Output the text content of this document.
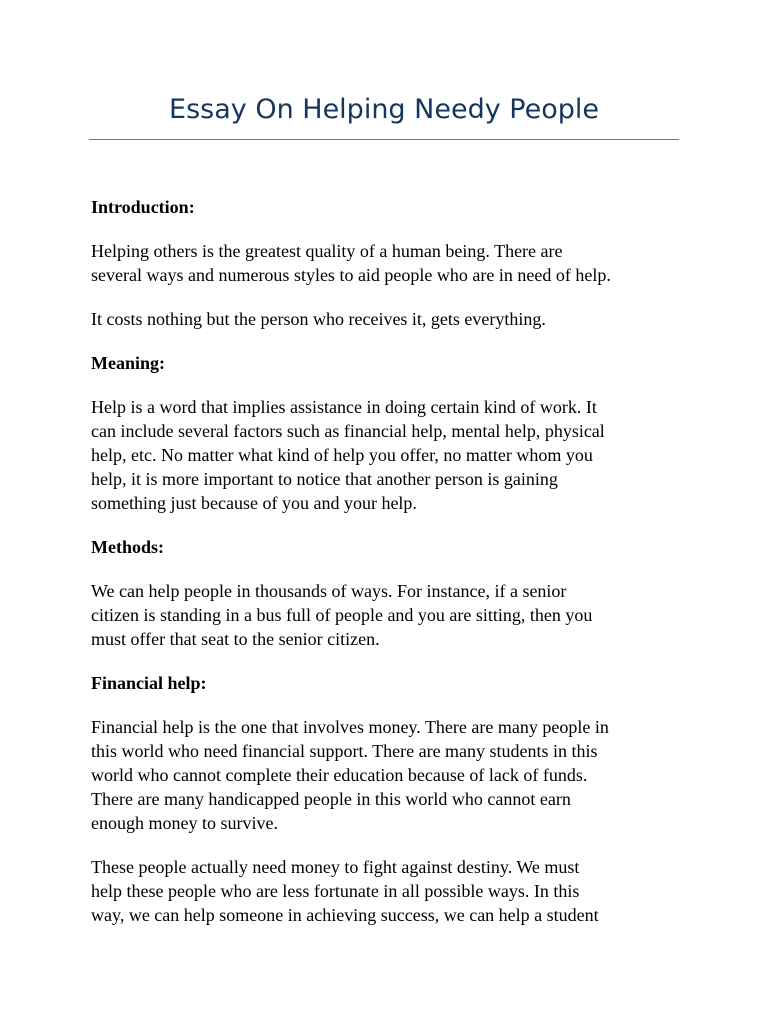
Essay On Helping Needy People

Introduction:

Helping others is the greatest quality of a human being. There are
several ways and numerous styles to aid people who are in need of help.

It costs nothing but the person who receives it, gets everything.

Meaning:

Help is a word that implies assistance in doing certain kind of work. It
can include several factors such as financial help, mental help, physical
help, etc. No matter what kind of help you offer, no matter whom you
help, it is more important to notice that another person is gaining
something just because of you and your help.

Methods:

We can help people in thousands of ways. For instance, if a senior
citizen is standing in a bus full of people and you are sitting, then you
must offer that seat to the senior citizen.

Financial help:

Financial help is the one that involves money. There are many people in
this world who need financial support. There are many students in this
world who cannot complete their education because of lack of funds.
There are many handicapped people in this world who cannot earn
enough money to survive.

These people actually need money to fight against destiny. We must
help these people who are less fortunate in all possible ways. In this
way, we can help someone in achieving success, we can help a student
